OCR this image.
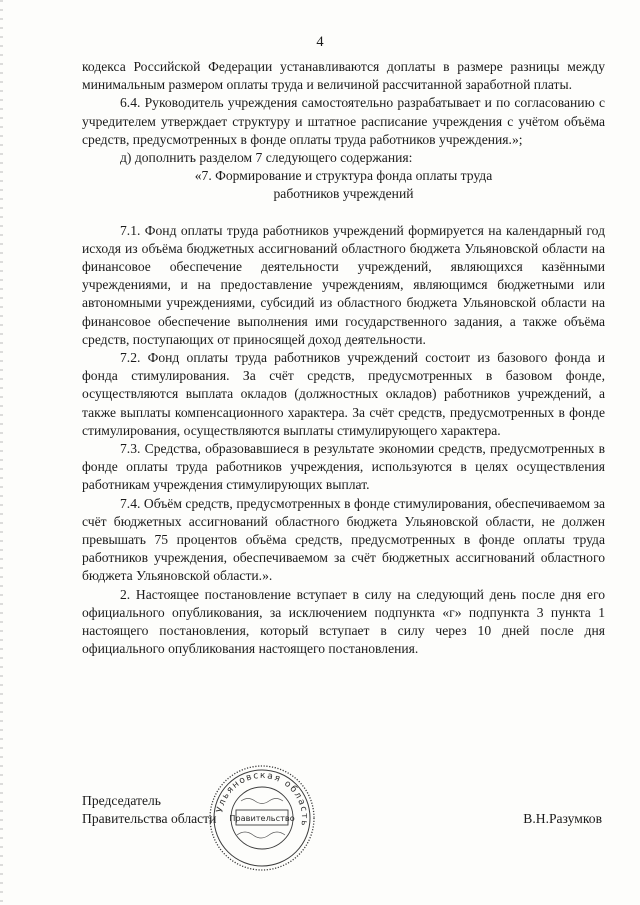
4

кодекса Российской Федерации устанавливаются доплаты в размере разницы между минимальным размером оплаты труда и величиной рассчитанной заработной платы.

6.4. Руководитель учреждения самостоятельно разрабатывает и по согласованию с учредителем утверждает структуру и штатное расписание учреждения с учётом объёма средств, предусмотренных в фонде оплаты труда работников учреждения.»;

д) дополнить разделом 7 следующего содержания:

«7. Формирование и структура фонда оплаты труда

работников учреждений

7.1. Фонд оплаты труда работников учреждений формируется на календарный год исходя из объёма бюджетных ассигнований областного бюджета Ульяновской области на финансовое обеспечение деятельности учреждений, являющихся казёнными учреждениями, и на предоставление учреждениям, являющимся бюджетными или автономными учреждениями, субсидий из областного бюджета Ульяновской области на финансовое обеспечение выполнения ими государственного задания, а также объёма средств, поступающих от приносящей доход деятельности.

7.2. Фонд оплаты труда работников учреждений состоит из базового фонда и фонда стимулирования. За счёт средств, предусмотренных в базовом фонде, осуществляются выплата окладов (должностных окладов) работников учреждений, а также выплаты компенсационного характера. За счёт средств, предусмотренных в фонде стимулирования, осуществляются выплаты стимулирующего характера.

7.3. Средства, образовавшиеся в результате экономии средств, предусмотренных в фонде оплаты труда работников учреждения, используются в целях осуществления работникам учреждения стимулирующих выплат.

7.4. Объём средств, предусмотренных в фонде стимулирования, обеспечиваемом за счёт бюджетных ассигнований областного бюджета Ульяновской области, не должен превышать 75 процентов объёма средств, предусмотренных в фонде оплаты труда работников учреждения, обеспечиваемом за счёт бюджетных ассигнований областного бюджета Ульяновской области.».

2. Настоящее постановление вступает в силу на следующий день после дня его официального опубликования, за исключением подпункта «г» подпункта 3 пункта 1 настоящего постановления, который вступает в силу через 10 дней после дня официального опубликования настоящего постановления.

Председатель
Правительства области
Ульяновская область
Правительство	В.Н.Разумков
